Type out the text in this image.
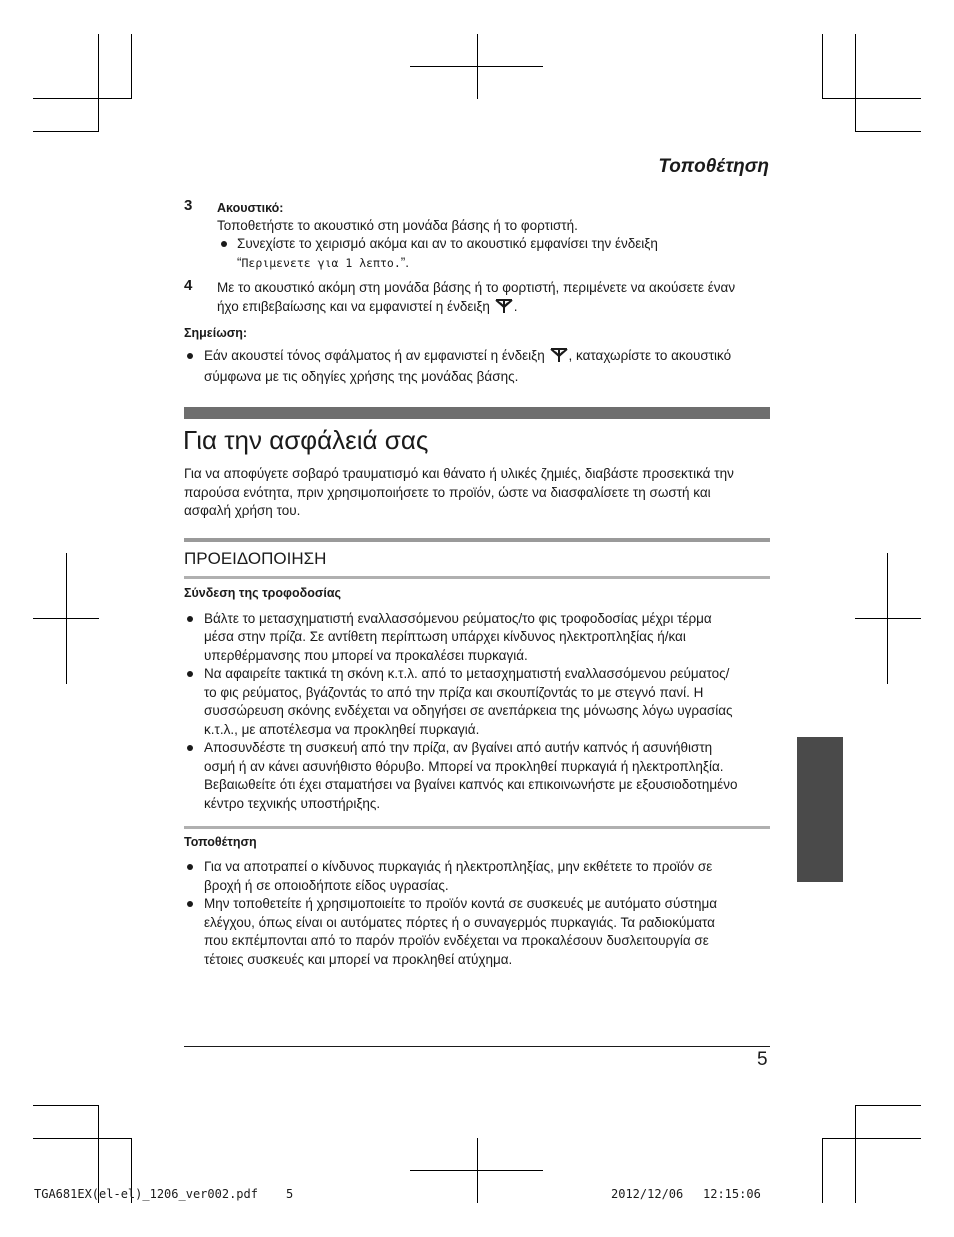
Τοποθέτηση
3 Ακουστικό:
Τοποθετήστε το ακουστικό στη μονάδα βάσης ή το φορτιστή.
Συνεχίστε το χειρισμό ακόμα και αν το ακουστικό εμφανίσει την ένδειξη
“Περιμενετε για 1 λεπτο.”.
4 Με το ακουστικό ακόμη στη μονάδα βάσης ή το φορτιστή, περιμένετε να ακούσετε έναν
ήχο επιβεβαίωσης και να εμφανιστεί η ένδειξη .
Σημείωση:
Εάν ακουστεί τόνος σφάλματος ή αν εμφανιστεί η ένδειξη , καταχωρίστε το ακουστικό
σύμφωνα με τις οδηγίες χρήσης της μονάδας βάσης.
Για την ασφάλειά σας
Για να αποφύγετε σοβαρό τραυματισμό και θάνατο ή υλικές ζημιές, διαβάστε προσεκτικά την
παρούσα ενότητα, πριν χρησιμοποιήσετε το προϊόν, ώστε να διασφαλίσετε τη σωστή και
ασφαλή χρήση του.
ΠΡΟΕΙΔΟΠΟΙΗΣΗ
Σύνδεση της τροφοδοσίας
Βάλτε το μετασχηματιστή εναλλασσόμενου ρεύματος/το φις τροφοδοσίας μέχρι τέρμα
μέσα στην πρίζα. Σε αντίθετη περίπτωση υπάρχει κίνδυνος ηλεκτροπληξίας ή/και
υπερθέρμανσης που μπορεί να προκαλέσει πυρκαγιά.
Να αφαιρείτε τακτικά τη σκόνη κ.τ.λ. από το μετασχηματιστή εναλλασσόμενου ρεύματος/
το φις ρεύματος, βγάζοντάς το από την πρίζα και σκουπίζοντάς το με στεγνό πανί. Η
συσσώρευση σκόνης ενδέχεται να οδηγήσει σε ανεπάρκεια της μόνωσης λόγω υγρασίας
κ.τ.λ., με αποτέλεσμα να προκληθεί πυρκαγιά.
Αποσυνδέστε τη συσκευή από την πρίζα, αν βγαίνει από αυτήν καπνός ή ασυνήθιστη
οσμή ή αν κάνει ασυνήθιστο θόρυβο. Μπορεί να προκληθεί πυρκαγιά ή ηλεκτροπληξία.
Βεβαιωθείτε ότι έχει σταματήσει να βγαίνει καπνός και επικοινωνήστε με εξουσιοδοτημένο
κέντρο τεχνικής υποστήριξης.
Τοποθέτηση
Για να αποτραπεί ο κίνδυνος πυρκαγιάς ή ηλεκτροπληξίας, μην εκθέτετε το προϊόν σε
βροχή ή σε οποιοδήποτε είδος υγρασίας.
Μην τοποθετείτε ή χρησιμοποιείτε το προϊόν κοντά σε συσκευές με αυτόματο σύστημα
ελέγχου, όπως είναι οι αυτόματες πόρτες ή ο συναγερμός πυρκαγιάς. Τα ραδιοκύματα
που εκπέμπονται από το παρόν προϊόν ενδέχεται να προκαλέσουν δυσλειτουργία σε
τέτοιες συσκευές και μπορεί να προκληθεί ατύχημα.
5
TGA681EX(el-el)_1206_ver002.pdf 5	2012/12/06 12:15:06
